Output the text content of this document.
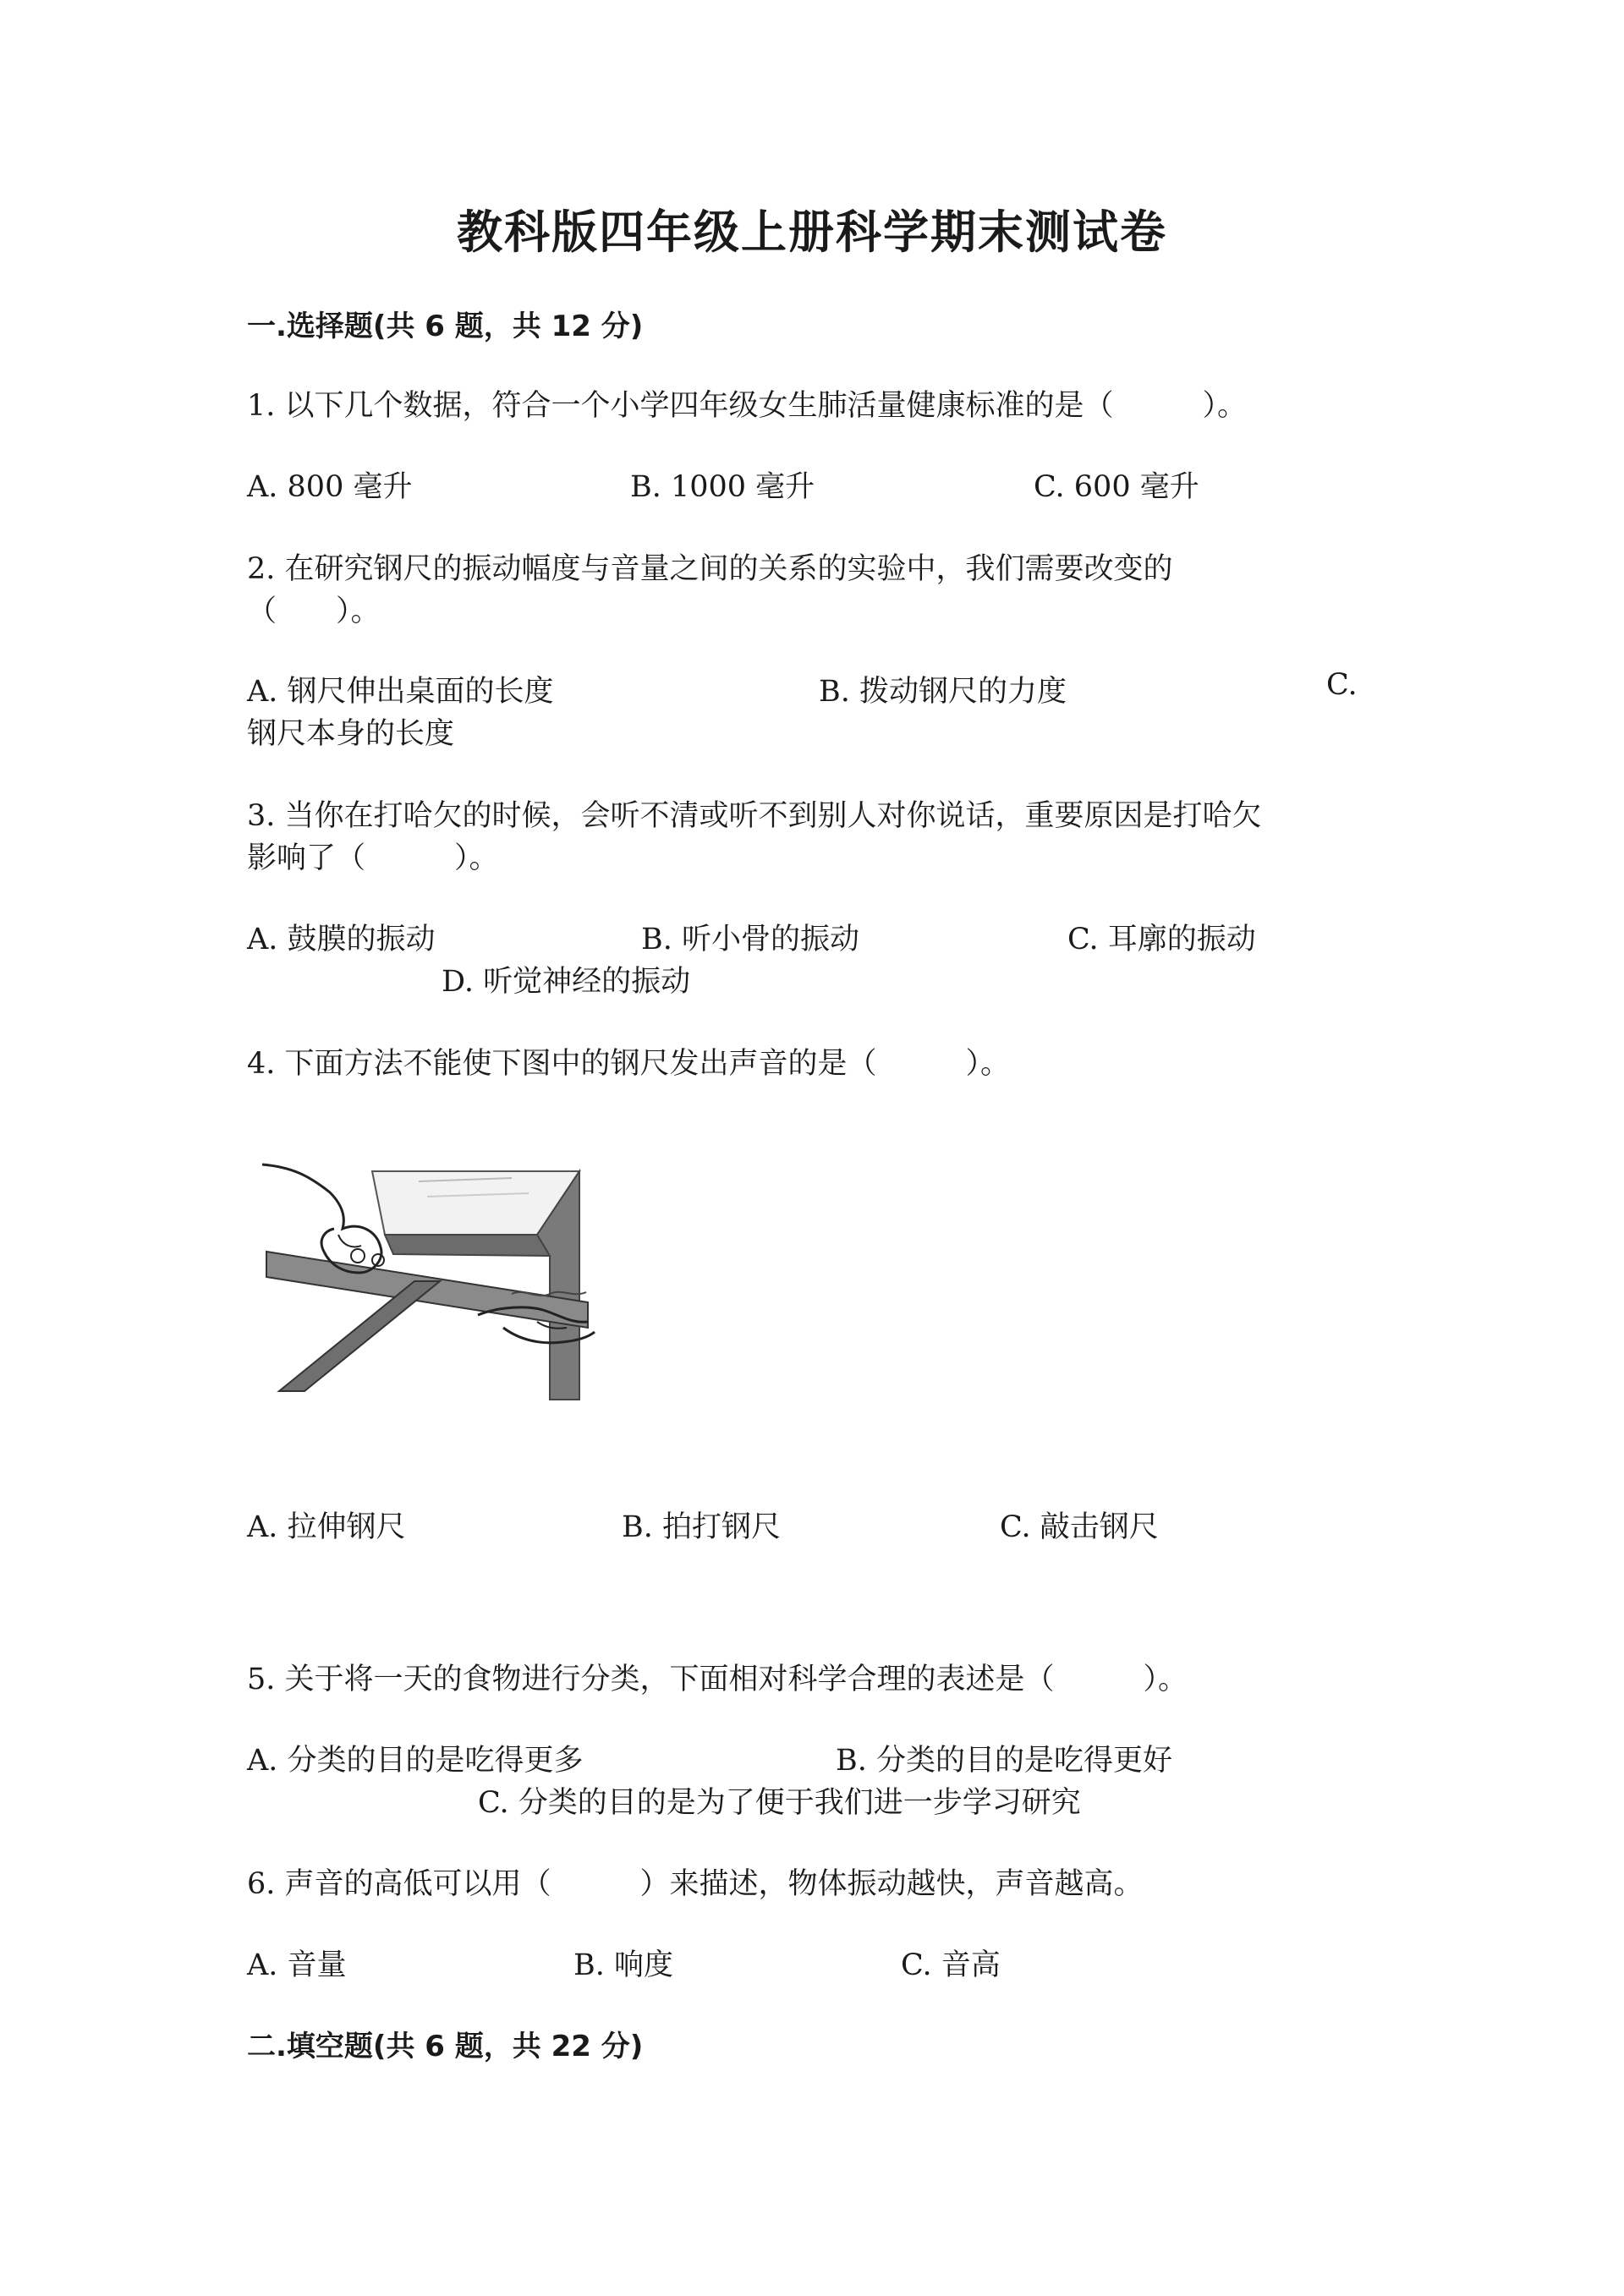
教科版四年级上册科学期末测试卷
一.选择题(共 6 题，共 12 分)
1. 以下几个数据，符合一个小学四年级女生肺活量健康标准的是（　　　）。
A. 800 毫升	B. 1000 毫升	C. 600 毫升
2. 在研究钢尺的振动幅度与音量之间的关系的实验中，我们需要改变的
（　　）。
A. 钢尺伸出桌面的长度	B. 拨动钢尺的力度	C.
钢尺本身的长度
3. 当你在打哈欠的时候，会听不清或听不到别人对你说话，重要原因是打哈欠
影响了（　　　）。
A. 鼓膜的振动	B. 听小骨的振动	C. 耳廓的振动
D. 听觉神经的振动
4. 下面方法不能使下图中的钢尺发出声音的是（　　　）。
A. 拉伸钢尺	B. 拍打钢尺	C. 敲击钢尺
5. 关于将一天的食物进行分类，下面相对科学合理的表述是（　　　）。
A. 分类的目的是吃得更多	B. 分类的目的是吃得更好
C. 分类的目的是为了便于我们进一步学习研究
6. 声音的高低可以用（　　　）来描述，物体振动越快，声音越高。
A. 音量	B. 响度	C. 音高
二.填空题(共 6 题，共 22 分)
